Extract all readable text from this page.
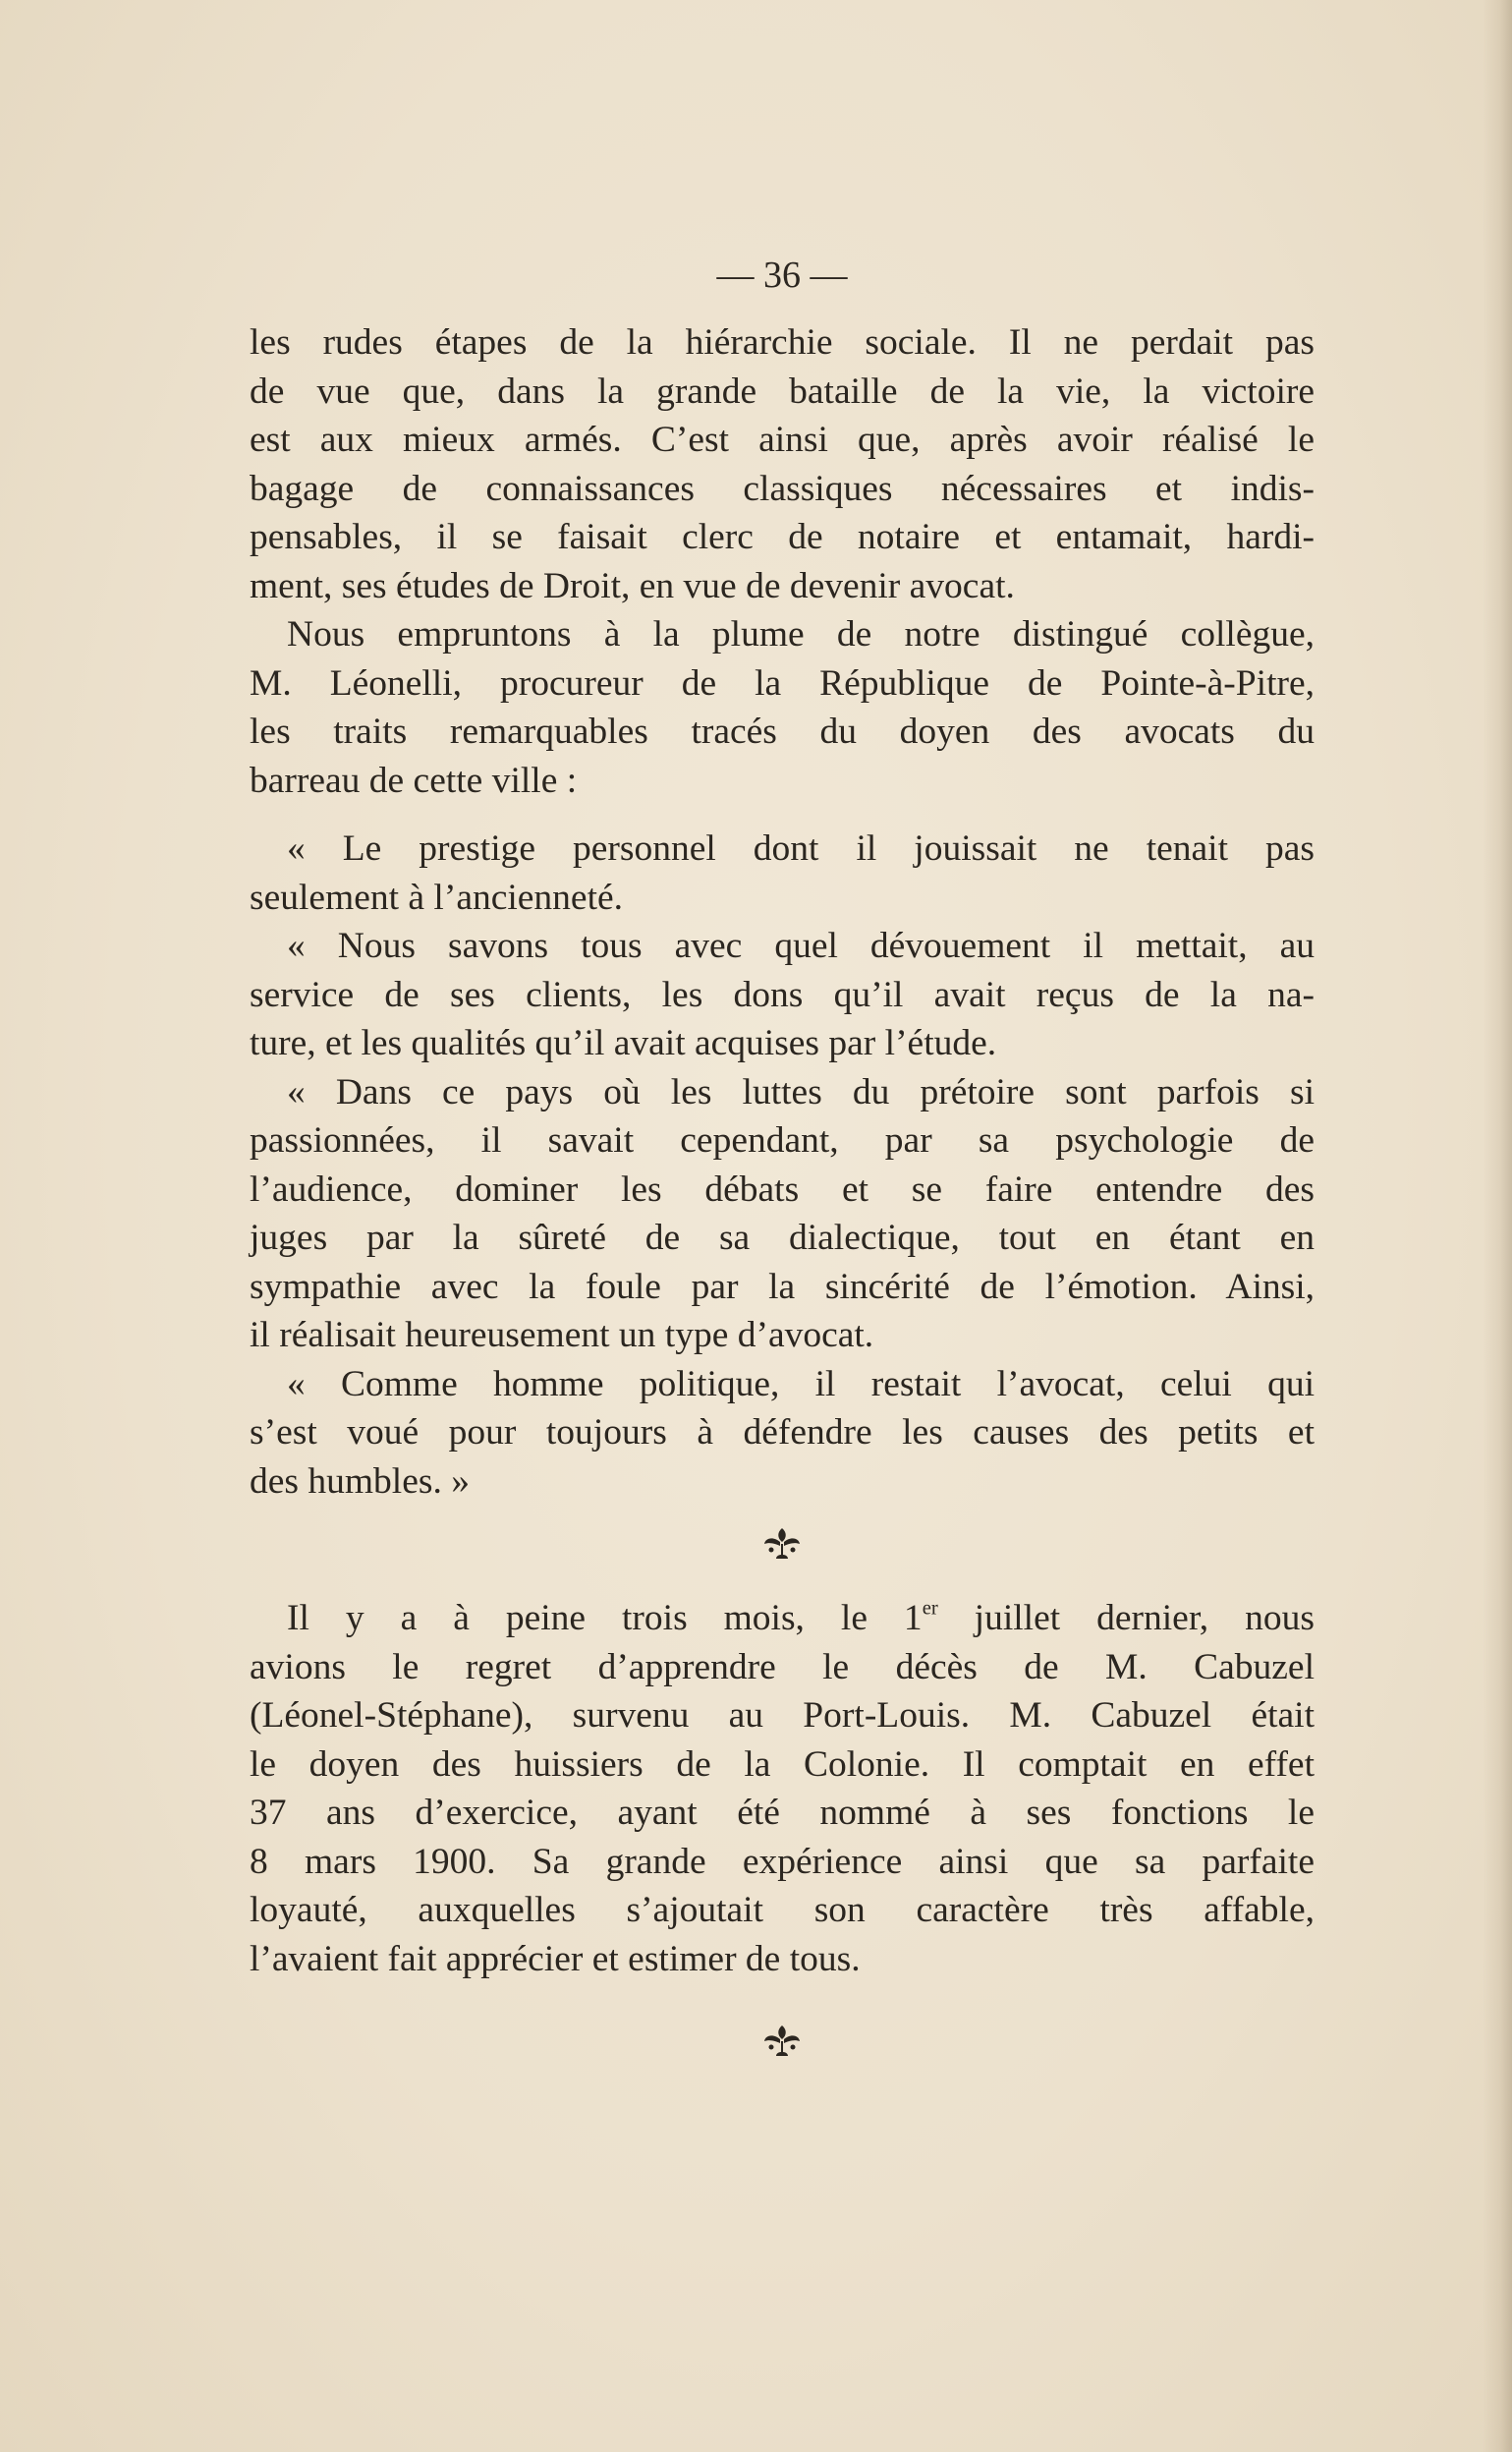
— 36 —
les rudes étapes de la hiérarchie sociale. Il ne perdait pas
de vue que, dans la grande bataille de la vie, la victoire
est aux mieux armés. C’est ainsi que, après avoir réalisé le
bagage de connaissances classiques nécessaires et indis-
pensables, il se faisait clerc de notaire et entamait, hardi-
ment, ses études de Droit, en vue de devenir avocat.
Nous empruntons à la plume de notre distingué collègue,
M. Léonelli, procureur de la République de Pointe-à-Pitre,
les traits remarquables tracés du doyen des avocats du
barreau de cette ville :
« Le prestige personnel dont il jouissait ne tenait pas
seulement à l’ancienneté.
« Nous savons tous avec quel dévouement il mettait, au
service de ses clients, les dons qu’il avait reçus de la na-
ture, et les qualités qu’il avait acquises par l’étude.
« Dans ce pays où les luttes du prétoire sont parfois si
passionnées, il savait cependant, par sa psychologie de
l’audience, dominer les débats et se faire entendre des
juges par la sûreté de sa dialectique, tout en étant en
sympathie avec la foule par la sincérité de l’émotion. Ainsi,
il réalisait heureusement un type d’avocat.
« Comme homme politique, il restait l’avocat, celui qui
s’est voué pour toujours à défendre les causes des petits et
des humbles. »
Il y a à peine trois mois, le 1er juillet dernier, nous
avions le regret d’apprendre le décès de M. Cabuzel
(Léonel-Stéphane), survenu au Port-Louis. M. Cabuzel était
le doyen des huissiers de la Colonie. Il comptait en effet
37 ans d’exercice, ayant été nommé à ses fonctions le
8 mars 1900. Sa grande expérience ainsi que sa parfaite
loyauté, auxquelles s’ajoutait son caractère très affable,
l’avaient fait apprécier et estimer de tous.
